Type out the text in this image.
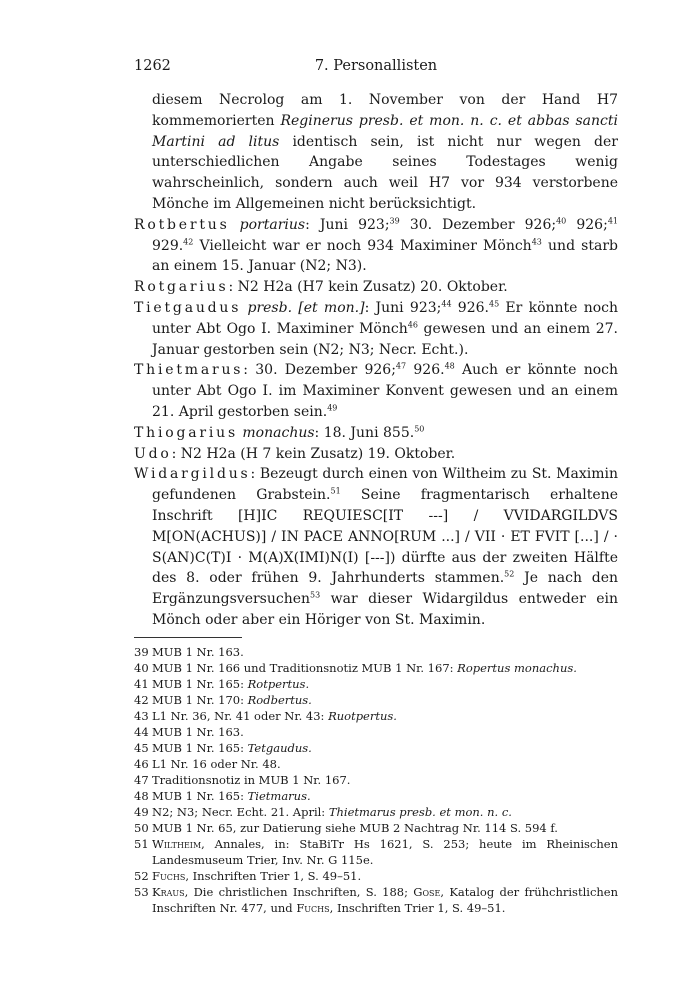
1262	7. Personallisten

diesem Necrolog am 1. November von der Hand H7 kommemorierten Reginerus presb. et mon. n. c. et abbas sancti Martini ad litus identisch sein, ist nicht nur wegen der unterschiedlichen Angabe seines Todestages wenig wahrscheinlich, sondern auch weil H7 vor 934 verstorbene Mönche im Allgemeinen nicht berücksichtigt.

Rotbertus portarius: Juni 923;$^{39}$ 30. Dezember 926;$^{40}$ 926;$^{41}$ 929.42 Vielleicht war er noch 934 Maximiner Mönch$^{43}$ und starb an einem 15. Januar (N2; N3).

Rotgarius: N2 H2a (H7 kein Zusatz) 20. Oktober.

Tietgaudus presb. [et mon.]: Juni 923;$^{44}$ 926.45 Er könnte noch unter Abt Ogo I. Maximiner Mönch$^{46}$ gewesen und an einem 27. Januar gestorben sein (N2; N3; Necr. Echt.).

Thietmarus: 30. Dezember 926;$^{47}$ 926.48 Auch er könnte noch unter Abt Ogo I. im Maximiner Konvent gewesen und an einem 21. April gestorben sein.$^{49}$

Thiogarius monachus: 18. Juni 855.50

Udo: N2 H2a (H 7 kein Zusatz) 19. Oktober.

Widargildus: Bezeugt durch einen von Wiltheim zu St. Maximin gefundenen Grabstein.$^{51}$ Seine fragmentarisch erhaltene Inschrift [H]IC REQUIESC[IT ---] / VVIDARGILDVS M[ON(ACHUS)] / IN PACE ANNO[RUM ...] / VII · ET FVIT [...] / · S(AN)C(T)I · M(A)X(IMI)N(I) [---]) dürfte aus der zweiten Hälfte des 8. oder frühen 9. Jahrhunderts stammen.$^{52}$ Je nach den Ergänzungsversuchen$^{53}$ war dieser Widargildus entweder ein Mönch oder aber ein Höriger von St. Maximin.

39 MUB 1 Nr. 163.
40 MUB 1 Nr. 166 und Traditionsnotiz MUB 1 Nr. 167: Ropertus monachus.
41 MUB 1 Nr. 165: Rotpertus.
42 MUB 1 Nr. 170: Rodbertus.
43 L1 Nr. 36, Nr. 41 oder Nr. 43: Ruotpertus.
44 MUB 1 Nr. 163.
45 MUB 1 Nr. 165: Tetgaudus.
46 L1 Nr. 16 oder Nr. 48.
47 Traditionsnotiz in MUB 1 Nr. 167.
48 MUB 1 Nr. 165: Tietmarus.
49 N2; N3; Necr. Echt. 21. April: Thietmarus presb. et mon. n. c.
50 MUB 1 Nr. 65, zur Datierung siehe MUB 2 Nachtrag Nr. 114 S. 594 f.
51 Wiltheim, Annales, in: StaBiTr Hs 1621, S. 253; heute im Rheinischen Landesmuseum Trier, Inv. Nr. G 115e.
52 Fuchs, Inschriften Trier 1, S. 49–51.
53 Kraus, Die christlichen Inschriften, S. 188; Gose, Katalog der frühchristlichen Inschriften Nr. 477, und Fuchs, Inschriften Trier 1, S. 49–51.
